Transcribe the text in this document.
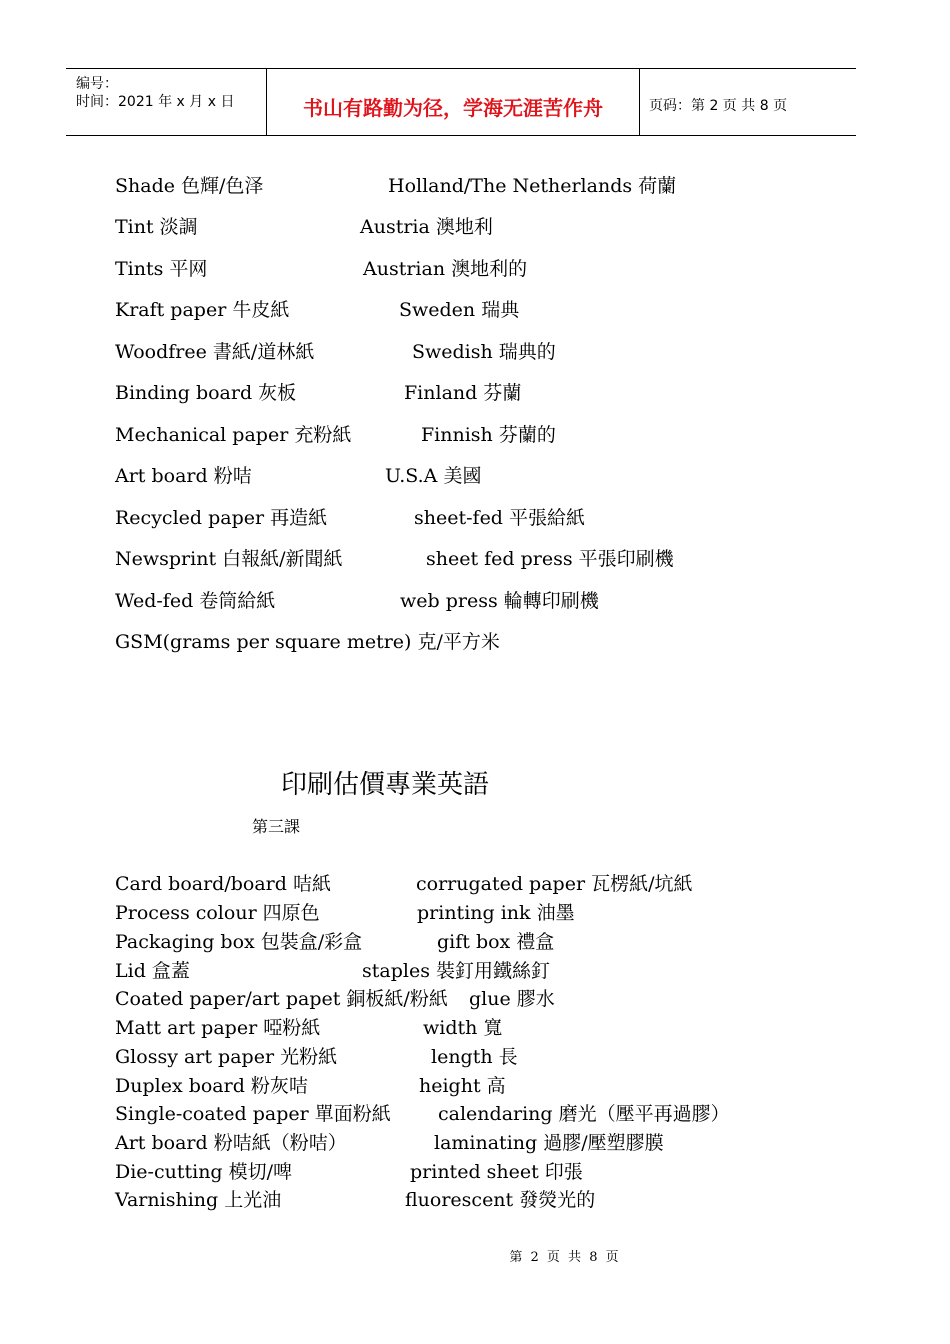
编号：
时间：2021 年 x 月 x 日	书山有路勤为径，学海无涯苦作舟	页码：第 2 页 共 8 页
Shade 色輝/色泽	Holland/The Netherlands 荷蘭
Tint 淡調	Austria 澳地利
Tints 平网	Austrian 澳地利的
Kraft paper 牛皮紙	Sweden 瑞典
Woodfree 書紙/道林紙	Swedish 瑞典的
Binding board 灰板	Finland 芬蘭
Mechanical paper 充粉紙	Finnish 芬蘭的
Art board 粉咭	U.S.A 美國
Recycled paper 再造紙	sheet-fed 平張給紙
Newsprint 白報紙/新聞紙	sheet fed press 平張印刷機
Wed-fed 卷筒給紙	web press 輪轉印刷機
GSM(grams per square metre) 克/平方米
印刷估價專業英語
第三課
Card board/board 咭紙	corrugated paper 瓦楞紙/坑紙
Process colour 四原色	printing ink 油墨
Packaging box 包裝盒/彩盒	gift box 禮盒
Lid 盒蓋	staples 裝釘用鐵絲釘
Coated paper/art papet 銅板紙/粉紙 glue 膠水
Matt art paper 啞粉紙	width 寬
Glossy art paper 光粉紙	length 長
Duplex board 粉灰咭	height 高
Single-coated paper 單面粉紙 calendaring 磨光（壓平再過膠）
Art board 粉咭紙（粉咭）	laminating 過膠/壓塑膠膜
Die-cutting 模切/啤	printed sheet 印張
Varnishing 上光油	fluorescent 發熒光的
第 2 页 共 8 页
